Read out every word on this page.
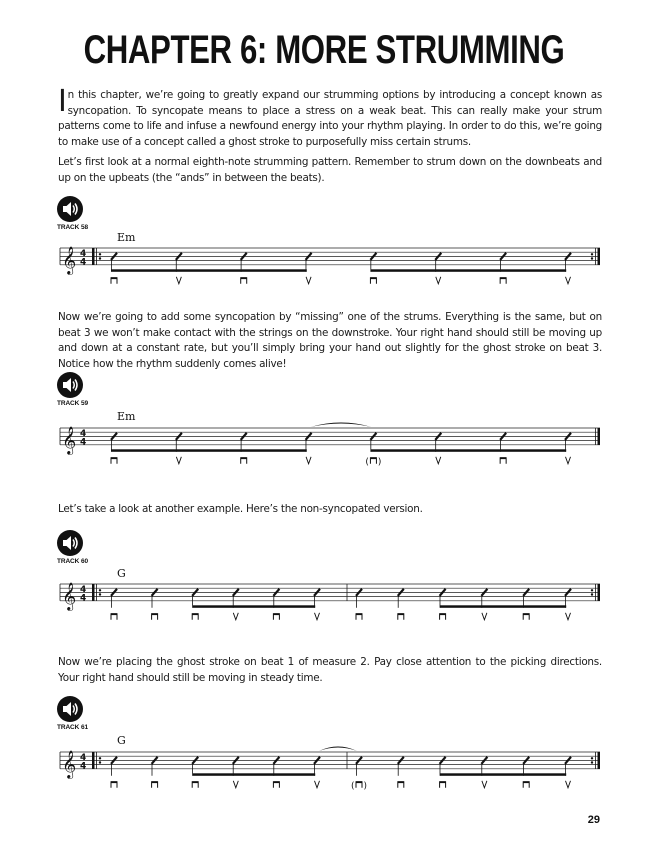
CHAPTER 6: MORE STRUMMING

In this chapter, we’re going to greatly expand our strumming options by introducing a concept known as syncopation. To syncopate means to place a stress on a weak beat. This can really make your strum patterns come to life and infuse a newfound energy into your rhythm playing. In order to do this, we’re going to make use of a concept called a ghost stroke to purposefully miss certain strums.

Let’s first look at a normal eighth-note strumming pattern. Remember to strum down on the downbeats and up on the upbeats (the “ands” in between the beats).

TRACK 58
Em
𝄞 4
4

Now we’re going to add some syncopation by “missing” one of the strums. Everything is the same, but on beat 3 we won’t make contact with the strings on the downstroke. Your right hand should still be moving up and down at a constant rate, but you’ll simply bring your hand out slightly for the ghost stroke on beat 3. Notice how the rhythm suddenly comes alive!

TRACK 59
Em
𝄞 4
4
( )

Let’s take a look at another example. Here’s the non-syncopated version.

TRACK 60
G
𝄞 4
4

Now we’re placing the ghost stroke on beat 1 of measure 2. Pay close attention to the picking directions. Your right hand should still be moving in steady time.

TRACK 61
G
𝄞 4
4
( )
29
